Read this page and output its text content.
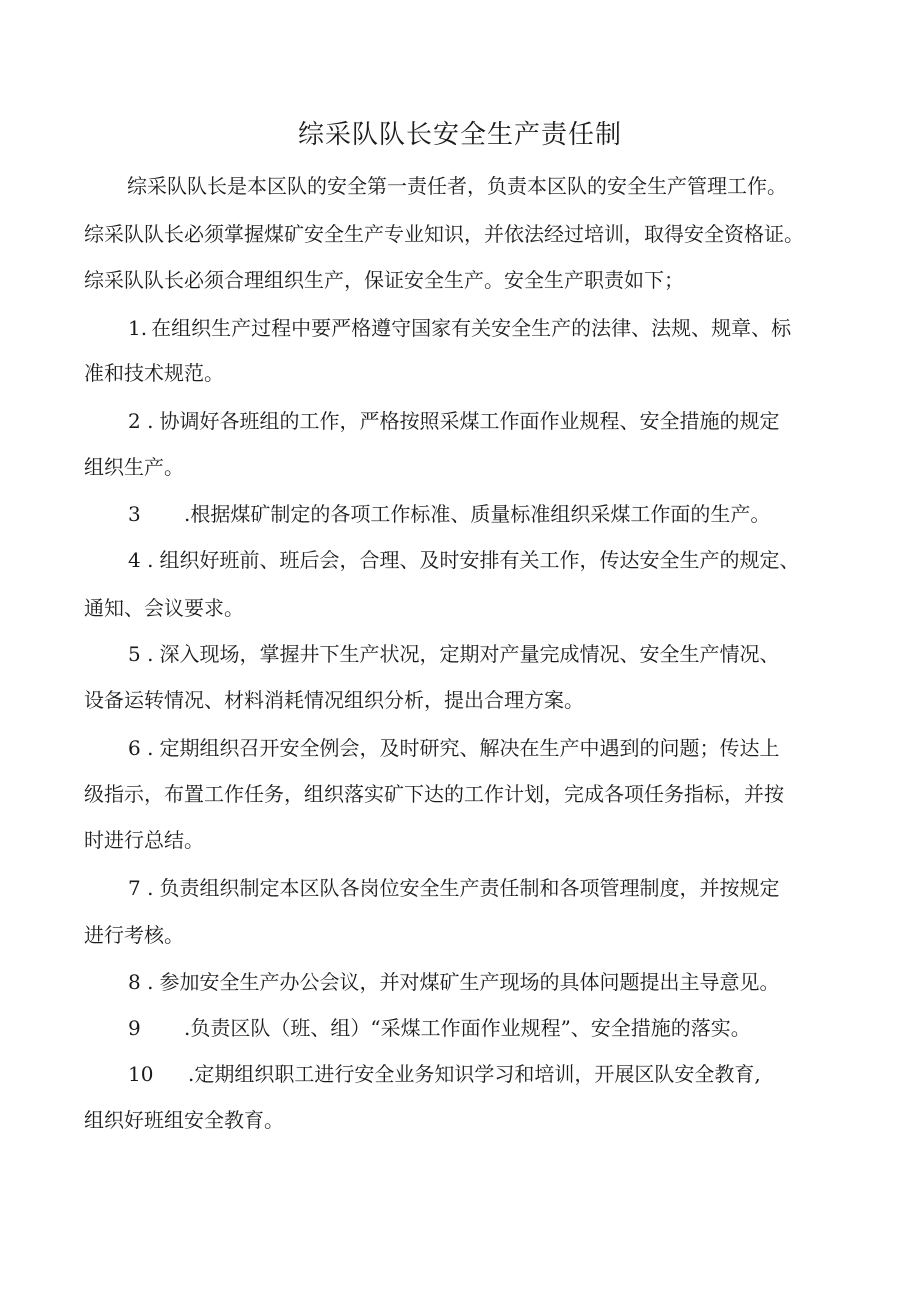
综采队队长安全生产责任制
综采队队长是本区队的安全第一责任者，负责本区队的安全生产管理工作。
综采队队长必须掌握煤矿安全生产专业知识，并依法经过培训，取得安全资格证。
综采队队长必须合理组织生产，保证安全生产。安全生产职责如下；
1. 在组织生产过程中要严格遵守国家有关安全生产的法律、法规、规章、标
准和技术规范。
2 . 协调好各班组的工作，严格按照采煤工作面作业规程、安全措施的规定
组织生产。
3 .根据煤矿制定的各项工作标准、质量标准组织采煤工作面的生产。
4 . 组织好班前、班后会，合理、及时安排有关工作，传达安全生产的规定、
通知、会议要求。
5 . 深入现场，掌握井下生产状况，定期对产量完成情况、安全生产情况、
设备运转情况、材料消耗情况组织分析，提出合理方案。
6 . 定期组织召开安全例会，及时研究、解决在生产中遇到的问题；传达上
级指示，布置工作任务，组织落实矿下达的工作计划，完成各项任务指标，并按
时进行总结。
7 . 负责组织制定本区队各岗位安全生产责任制和各项管理制度，并按规定
进行考核。
8 . 参加安全生产办公会议，并对煤矿生产现场的具体问题提出主导意见。
9 .负责区队（班、组）“采煤工作面作业规程”、安全措施的落实。
10 .定期组织职工进行安全业务知识学习和培训，开展区队安全教育,
组织好班组安全教育。
